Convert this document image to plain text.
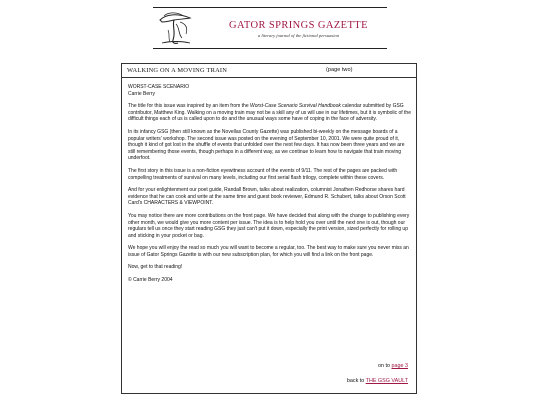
GATOR SPRINGS GAZETTE
a literary journal of the fictional persuasion
WALKING ON A MOVING TRAIN	(page two)

WORST-CASE SCENARIO

Carrie Berry

The title for this issue was inspired by an item from the Worst-Case Scenario Survival Handbook calendar submitted by GSG contributor, Matthew King. Walking on a moving train may not be a skill any of us will use in our lifetimes, but it is symbolic of the difficult things each of us is called upon to do and the unusual ways some have of coping in the face of adversity.

In its infancy GSG (then still known as the Novellas County Gazette) was published bi-weekly on the message boards of a popular writers' workshop. The second issue was posted on the evening of September 10, 2001. We were quite proud of it, though it kind of got lost in the shuffle of events that unfolded over the next few days. It has now been three years and we are still remembering those events, though perhaps in a different way, as we continue to learn how to navigate that train moving underfoot.

The first story in this issue is a non-fiction eyewitness account of the events of 9/11. The rest of the pages are packed with compelling treatments of survival on many levels, including our first serial flash trilogy, complete within these covers.

And for your enlightenment our poet guide, Randall Brown, talks about realization, columnist Jonathen Redhorse shares hard evidence that he can cook and write at the same time and guest book reviewer, Edmund R. Schubert, talks about Orson Scott Card's CHARACTERS & VIEWPOINT.

You may notice there are more contributions on the front page. We have decided that along with the change to publishing every other month, we would give you more content per issue. The idea is to help hold you over until the next one is out, though our regulars tell us once they start reading GSG they just can't put it down, especially the print version, sized perfectly for rolling up and sticking in your pocket or bag.

We hope you will enjoy the read so much you will want to become a regular, too. The best way to make sure you never miss an issue of Gator Springs Gazette is with our new subscription plan, for which you will find a link on the front page.

Now, get to that reading!

© Carrie Berry 2004

on to page 3
back to THE GSG VAULT
